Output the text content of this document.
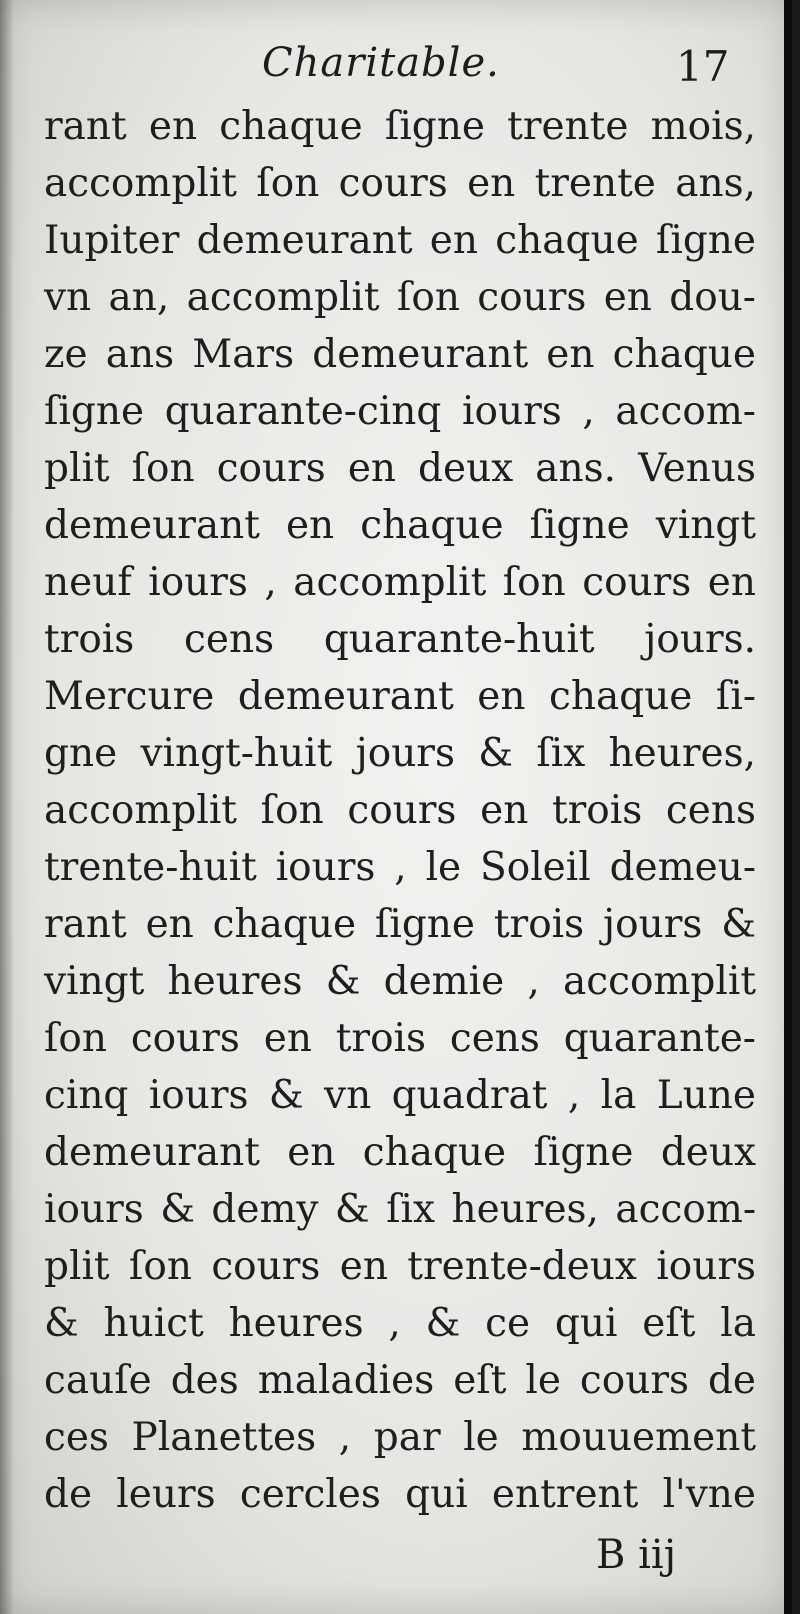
Charitable.	17
rant en chaque ſigne trente mois,
accomplit ſon cours en trente ans,
Iupiter demeurant en chaque ſigne
vn an, accomplit ſon cours en dou-
ze ans Mars demeurant en chaque
ſigne quarante-cinq iours , accom-
plit ſon cours en deux ans. Venus
demeurant en chaque ſigne vingt
neuf iours , accomplit ſon cours en
trois cens quarante-huit jours.
Mercure demeurant en chaque ſi-
gne vingt-huit jours & ſix heures,
accomplit ſon cours en trois cens
trente-huit iours , le Soleil demeu-
rant en chaque ſigne trois jours &
vingt heures & demie , accomplit
ſon cours en trois cens quarante-
cinq iours & vn quadrat , la Lune
demeurant en chaque ſigne deux
iours & demy & ſix heures, accom-
plit ſon cours en trente-deux iours
& huict heures , & ce qui eſt la
cauſe des maladies eſt le cours de
ces Planettes , par le mouuement
de leurs cercles qui entrent l'vne
B iij
